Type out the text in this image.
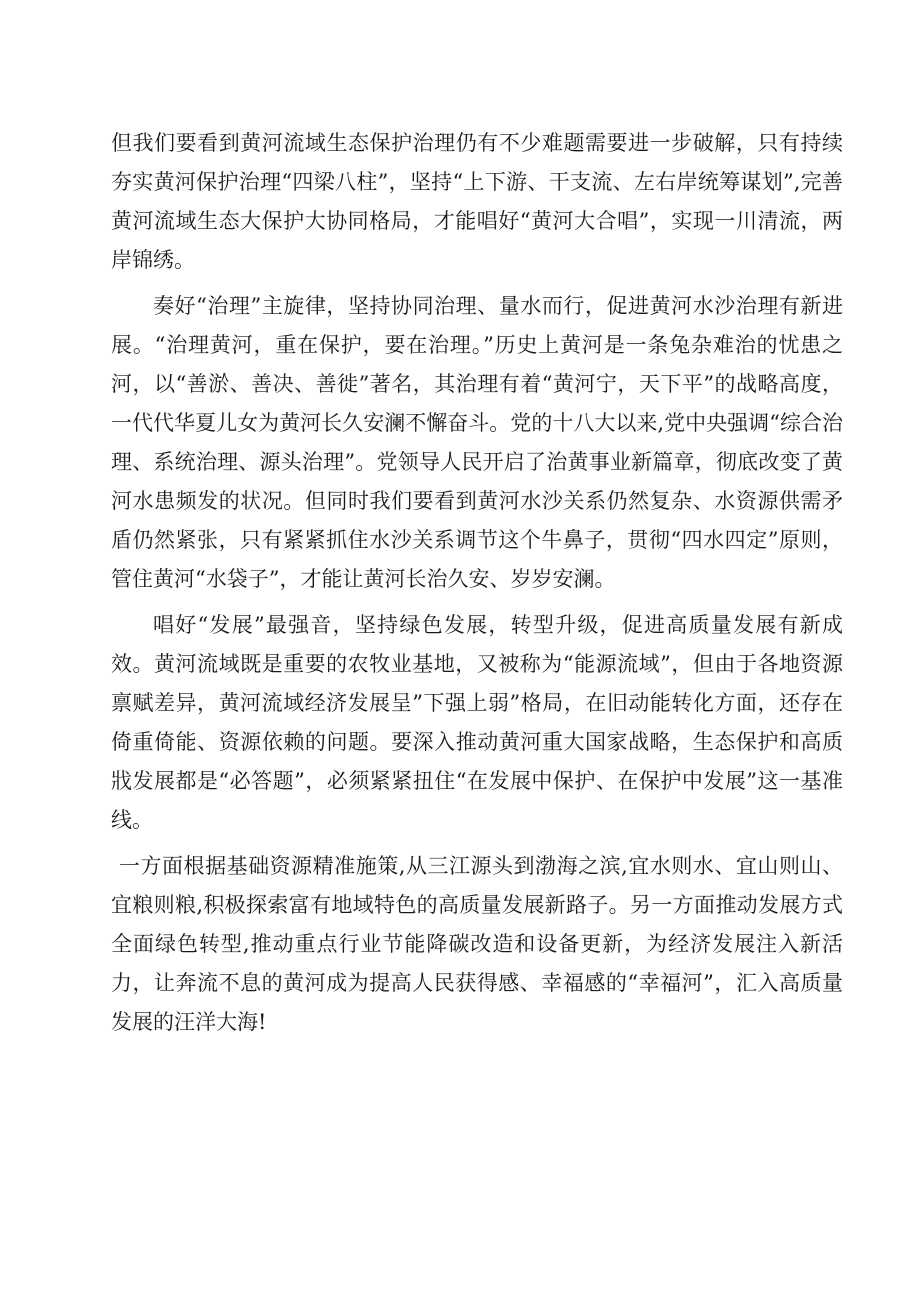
但我们要看到黄河流域生态保护治理仍有不少难题需要进一步破解，只有持续夯实黄河保护治理“四梁八柱”，坚持“上下游、干支流、左右岸统筹谋划”,完善黄河流域生态大保护大协同格局，才能唱好“黄河大合唱”，实现一川清流，两岸锦绣。

奏好“治理”主旋律，坚持协同治理、量水而行，促进黄河水沙治理有新进展。“治理黄河，重在保护，要在治理。”历史上黄河是一条兔杂难治的忧患之河，以“善淤、善决、善徙”著名，其治理有着“黄河宁，天下平”的战略高度，一代代华夏儿女为黄河长久安澜不懈奋斗。党的十八大以来,党中央强调“综合治理、系统治理、源头治理”。党领导人民开启了治黄事业新篇章，彻底改变了黄河水患频发的状况。但同时我们要看到黄河水沙关系仍然复杂、水资源供需矛盾仍然紧张，只有紧紧抓住水沙关系调节这个牛鼻子，贯彻“四水四定”原则，管住黄河“水袋子”，才能让黄河长治久安、岁岁安澜。

唱好“发展”最强音，坚持绿色发展，转型升级，促进高质量发展有新成效。黄河流域既是重要的农牧业基地，又被称为“能源流域”，但由于各地资源禀赋差异，黄河流域经济发展呈”下强上弱”格局，在旧动能转化方面，还存在倚重倚能、资源依赖的问题。要深入推动黄河重大国家战略，生态保护和高质戕发展都是“必答题”，必须紧紧扭住“在发展中保护、在保护中发展”这一基准线。

一方面根据基础资源精准施策,从三江源头到渤海之滨,宜水则水、宜山则山、宜粮则粮,积极探索富有地域特色的高质量发展新路子。另一方面推动发展方式全面绿色转型,推动重点行业节能降碳改造和设备更新，为经济发展注入新活力，让奔流不息的黄河成为提高人民获得感、幸福感的“幸福河”，汇入高质量发展的汪洋大海!
